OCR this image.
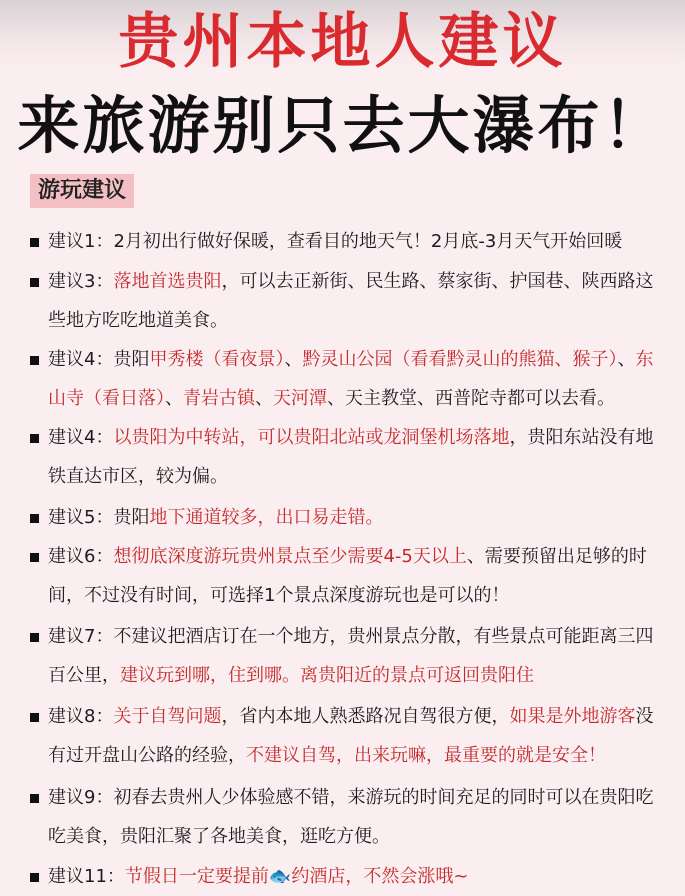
贵州本地人建议
来旅游别只去大瀑布！
游玩建议
建议1：2月初出行做好保暖，查看目的地天气！2月底-3月天气开始回暖
建议3：落地首选贵阳，可以去正新街、民生路、蔡家街、护国巷、陕西路这些地方吃吃地道美食。
建议4：贵阳甲秀楼（看夜景）、黔灵山公园（看看黔灵山的熊猫、猴子）、东山寺（看日落）、青岩古镇、天河潭、天主教堂、西普陀寺都可以去看。
建议4：以贵阳为中转站，可以贵阳北站或龙洞堡机场落地，贵阳东站没有地铁直达市区，较为偏。
建议5：贵阳地下通道较多，出口易走错。
建议6：想彻底深度游玩贵州景点至少需要4-5天以上、需要预留出足够的时间，不过没有时间，可选择1个景点深度游玩也是可以的！
建议7：不建议把酒店订在一个地方，贵州景点分散，有些景点可能距离三四百公里，建议玩到哪，住到哪。离贵阳近的景点可返回贵阳住
建议8：关于自驾问题，省内本地人熟悉路况自驾很方便，如果是外地游客没有过开盘山公路的经验，不建议自驾，出来玩嘛，最重要的就是安全！
建议9：初春去贵州人少体验感不错，来游玩的时间充足的同时可以在贵阳吃吃美食，贵阳汇聚了各地美食，逛吃方便。
建议11：节假日一定要提前🐟约酒店，不然会涨哦~
